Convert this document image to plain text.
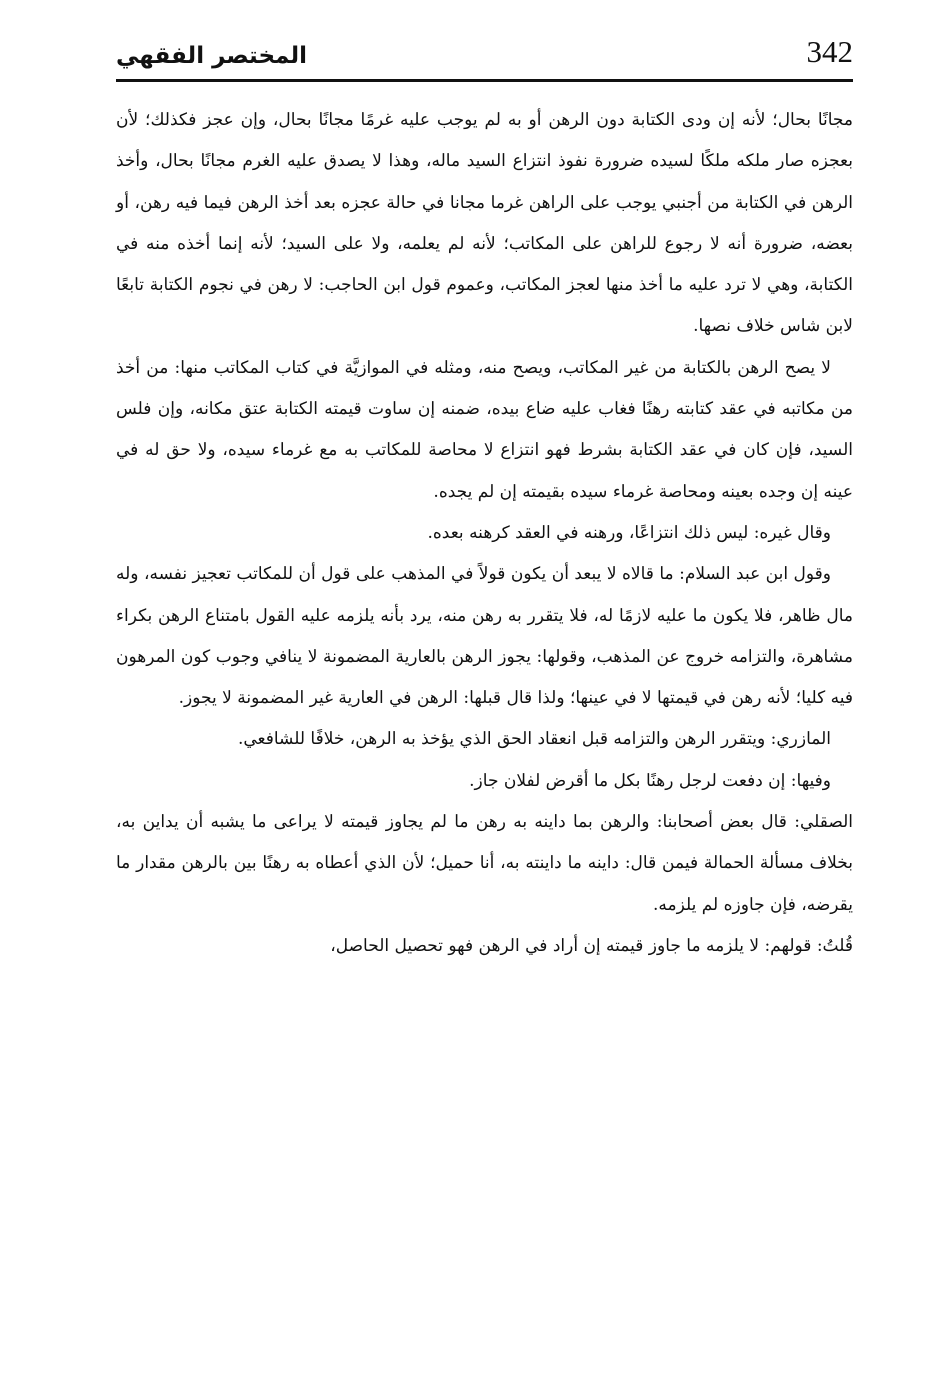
المختصر الفقهي	342

مجانًا بحال؛ لأنه إن ودى الكتابة دون الرهن أو به لم يوجب عليه غرمًا مجانًا بحال، وإن عجز فكذلك؛ لأن بعجزه صار ملكه ملكًا لسيده ضرورة نفوذ انتزاع السيد ماله، وهذا لا يصدق عليه الغرم مجانًا بحال، وأخذ الرهن في الكتابة من أجنبي يوجب على الراهن غرما مجانا في حالة عجزه بعد أخذ الرهن فيما فيه رهن، أو بعضه، ضرورة أنه لا رجوع للراهن على المكاتب؛ لأنه لم يعلمه، ولا على السيد؛ لأنه إنما أخذه منه في الكتابة، وهي لا ترد عليه ما أخذ منها لعجز المكاتب، وعموم قول ابن الحاجب: لا رهن في نجوم الكتابة تابعًا لابن شاس خلاف نصها.

لا يصح الرهن بالكتابة من غير المكاتب، ويصح منه، ومثله في الموازيَّة في كتاب المكاتب منها: من أخذ من مكاتبه في عقد كتابته رهنًا فغاب عليه ضاع بيده، ضمنه إن ساوت قيمته الكتابة عتق مكانه، وإن فلس السيد، فإن كان في عقد الكتابة بشرط فهو انتزاع لا محاصة للمكاتب به مع غرماء سيده، ولا حق له في عينه إن وجده بعينه ومحاصة غرماء سيده بقيمته إن لم يجده.

وقال غيره: ليس ذلك انتزاعًا، ورهنه في العقد كرهنه بعده.

وقول ابن عبد السلام: ما قالاه لا يبعد أن يكون قولاً في المذهب على قول أن للمكاتب تعجيز نفسه، وله مال ظاهر، فلا يكون ما عليه لازمًا له، فلا يتقرر به رهن منه، يرد بأنه يلزمه عليه القول بامتناع الرهن بكراء مشاهرة، والتزامه خروج عن المذهب، وقولها: يجوز الرهن بالعارية المضمونة لا ينافي وجوب كون المرهون فيه كليا؛ لأنه رهن في قيمتها لا في عينها؛ ولذا قال قبلها: الرهن في العارية غير المضمونة لا يجوز.

المازري: ويتقرر الرهن والتزامه قبل انعقاد الحق الذي يؤخذ به الرهن، خلافًا للشافعي.

وفيها: إن دفعت لرجل رهنًا بكل ما أقرض لفلان جاز.

الصقلي: قال بعض أصحابنا: والرهن بما داينه به رهن ما لم يجاوز قيمته لا يراعى ما يشبه أن يداين به، بخلاف مسألة الحمالة فيمن قال: داينه ما داينته به، أنا حميل؛ لأن الذي أعطاه به رهنًا بين بالرهن مقدار ما يقرضه، فإن جاوزه لم يلزمه.

قُلتُ: قولهم: لا يلزمه ما جاوز قيمته إن أراد في الرهن فهو تحصيل الحاصل،
